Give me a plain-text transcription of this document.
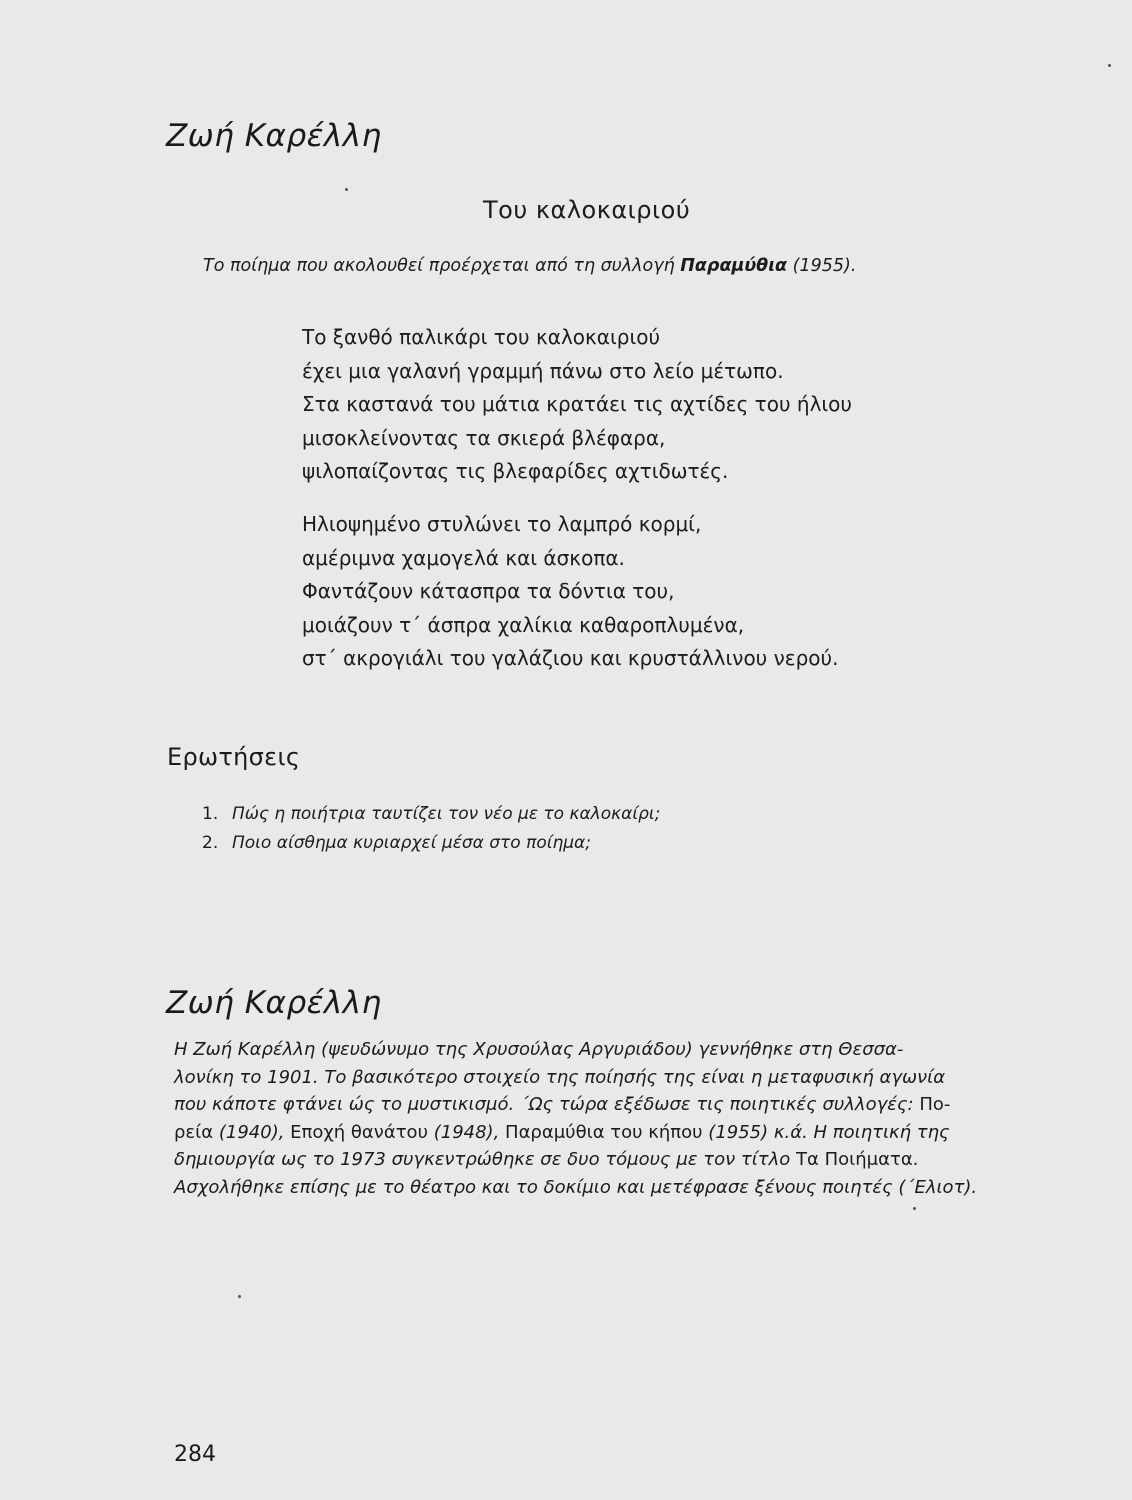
Ζωή Καρέλλη
Του καλοκαιριού
Το ποίημα που ακολουθεί προέρχεται από τη συλλογή Παραμύθια (1955).
Το ξανθό παλικάρι του καλοκαιριού
έχει μια γαλανή γραμμή πάνω στο λείο μέτωπο.
Στα καστανά του μάτια κρατάει τις αχτίδες του ήλιου
μισοκλείνοντας τα σκιερά βλέφαρα,
ψιλοπαίζοντας τις βλεφαρίδες αχτιδωτές.
Ηλιοψημένο στυλώνει το λαμπρό κορμί,
αμέριμνα χαμογελά και άσκοπα.
Φαντάζουν κάτασπρα τα δόντια του,
μοιάζουν τ΄ άσπρα χαλίκια καθαροπλυμένα,
στ΄ ακρογιάλι του γαλάζιου και κρυστάλλινου νερού.
Ερωτήσεις
1. Πώς η ποιήτρια ταυτίζει τον νέο με το καλοκαίρι;
2. Ποιο αίσθημα κυριαρχεί μέσα στο ποίημα;
Ζωή Καρέλλη
Η Ζωή Καρέλλη (ψευδώνυμο της Χρυσούλας Αργυριάδου) γεννήθηκε στη Θεσσα-
λονίκη το 1901. Το βασικότερο στοιχείο της ποίησής της είναι η μεταφυσική αγωνία
που κάποτε φτάνει ώς το μυστικισμό. ΄Ως τώρα εξέδωσε τις ποιητικές συλλογές: Πο-
ρεία (1940), Εποχή θανάτου (1948), Παραμύθια του κήπου (1955) κ.ά. Η ποιητική της
δημιουργία ως το 1973 συγκεντρώθηκε σε δυο τόμους με τον τίτλο Τα Ποιήματα.
Ασχολήθηκε επίσης με το θέατρο και το δοκίμιο και μετέφρασε ξένους ποιητές (΄Ελιοτ).
284
